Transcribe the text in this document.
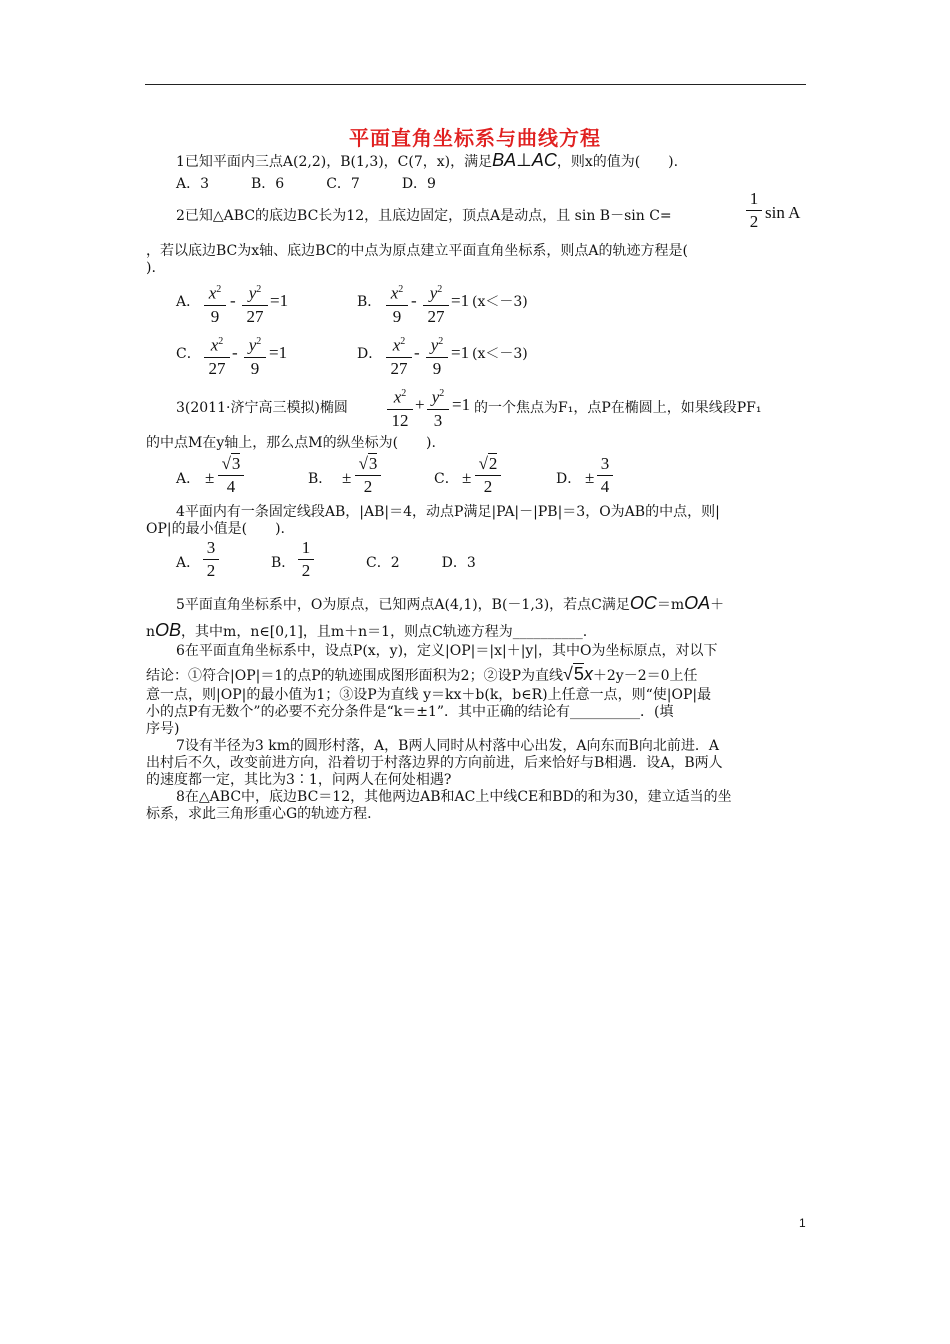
平面直角坐标系与曲线方程
1已知平面内三点A(2,2)，B(1,3)，C(7，x)，满足BA⊥AC，则x的值为(　　).
A．3　　　B．6　　　C．7　　　D．9
2已知△ABC的底边BC长为12，且底边固定，顶点A是动点，且 sin B－sin C=
1
2 sin A
，若以底边BC为x轴、底边BC的中点为原点建立平面直角坐标系，则点A的轨迹方程是(
).
A． $x^2$
9
- $y^2$
27
=1	B． $x^2$
9
- $y^2$
27
=1 (x＜－3)
C． $x^2$
27
- $y^2$
9
=1	D． $x^2$
27
- $y^2$
9
=1 (x＜－3)
3(2011·济宁高三模拟)椭圆
$x^2$
12
+ $y^2$
3
=1 的一个焦点为F₁，点P在椭圆上，如果线段PF₁
的中点M在y轴上，那么点M的纵坐标为(　　).
A． ±
√3
4	B． ±
√3
2	C． ±
√2
2	D． ±
3
4
4平面内有一条固定线段AB，|AB|＝4，动点P满足|PA|－|PB|＝3，O为AB的中点，则|
OP|的最小值是(　　).
A．
3
2	B．
1
2	C．2　　　D．3
5平面直角坐标系中，O为原点，已知两点A(4,1)，B(－1,3)，若点C满足OC＝mOA＋
nOB，其中m，n∈[0,1]，且m＋n＝1，则点C轨迹方程为__________.
6在平面直角坐标系中，设点P(x，y)，定义|OP|＝|x|＋|y|，其中O为坐标原点，对以下
结论：①符合|OP|＝1的点P的轨迹围成图形面积为2；②设P为直线√5x＋2y－2＝0上任
意一点，则|OP|的最小值为1；③设P为直线 y＝kx＋b(k，b∈R)上任意一点，则“使|OP|最
小的点P有无数个”的必要不充分条件是“k＝±1”．其中正确的结论有__________．(填
序号)
7设有半径为3 km的圆形村落，A，B两人同时从村落中心出发，A向东而B向北前进．A
出村后不久，改变前进方向，沿着切于村落边界的方向前进，后来恰好与B相遇．设A，B两人
的速度都一定，其比为3∶1，问两人在何处相遇?
8在△ABC中，底边BC＝12，其他两边AB和AC上中线CE和BD的和为30，建立适当的坐
标系，求此三角形重心G的轨迹方程.
1
